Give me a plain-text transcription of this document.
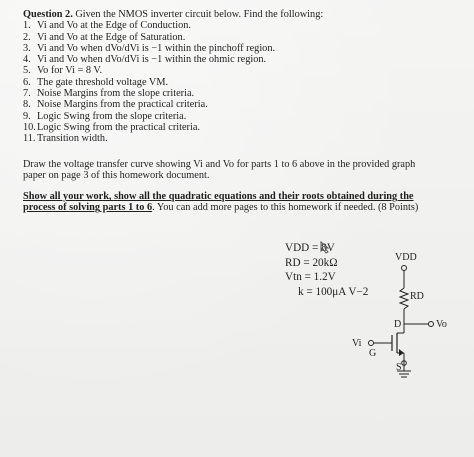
Question 2. Given the NMOS inverter circuit below. Find the following:
1. Vi and Vo at the Edge of Conduction.
2. Vi and Vo at the Edge of Saturation.
3. Vi and Vo when dVo/dVi is −1 within the pinchoff region.
4. Vi and Vo when dVo/dVi is −1 within the ohmic region.
5. Vo for Vi = 8 V.
6. The gate threshold voltage VM.
7. Noise Margins from the slope criteria.
8. Noise Margins from the practical criteria.
9. Logic Swing from the slope criteria.
10. Logic Swing from the practical criteria.
11. Transition width.
Draw the voltage transfer curve showing Vi and Vo for parts 1 to 6 above in the provided graph
paper on page 3 of this homework document.
Show all your work, show all the quadratic equations and their roots obtained during the
process of solving parts 1 to 6. You can add more pages to this homework if needed. (8 Points)
VDD = 8V
RD = 20kΩ
Vtn = 1.2V
k = 100μA V−2
VDD
RD
D	Vo
Vi
G
S
